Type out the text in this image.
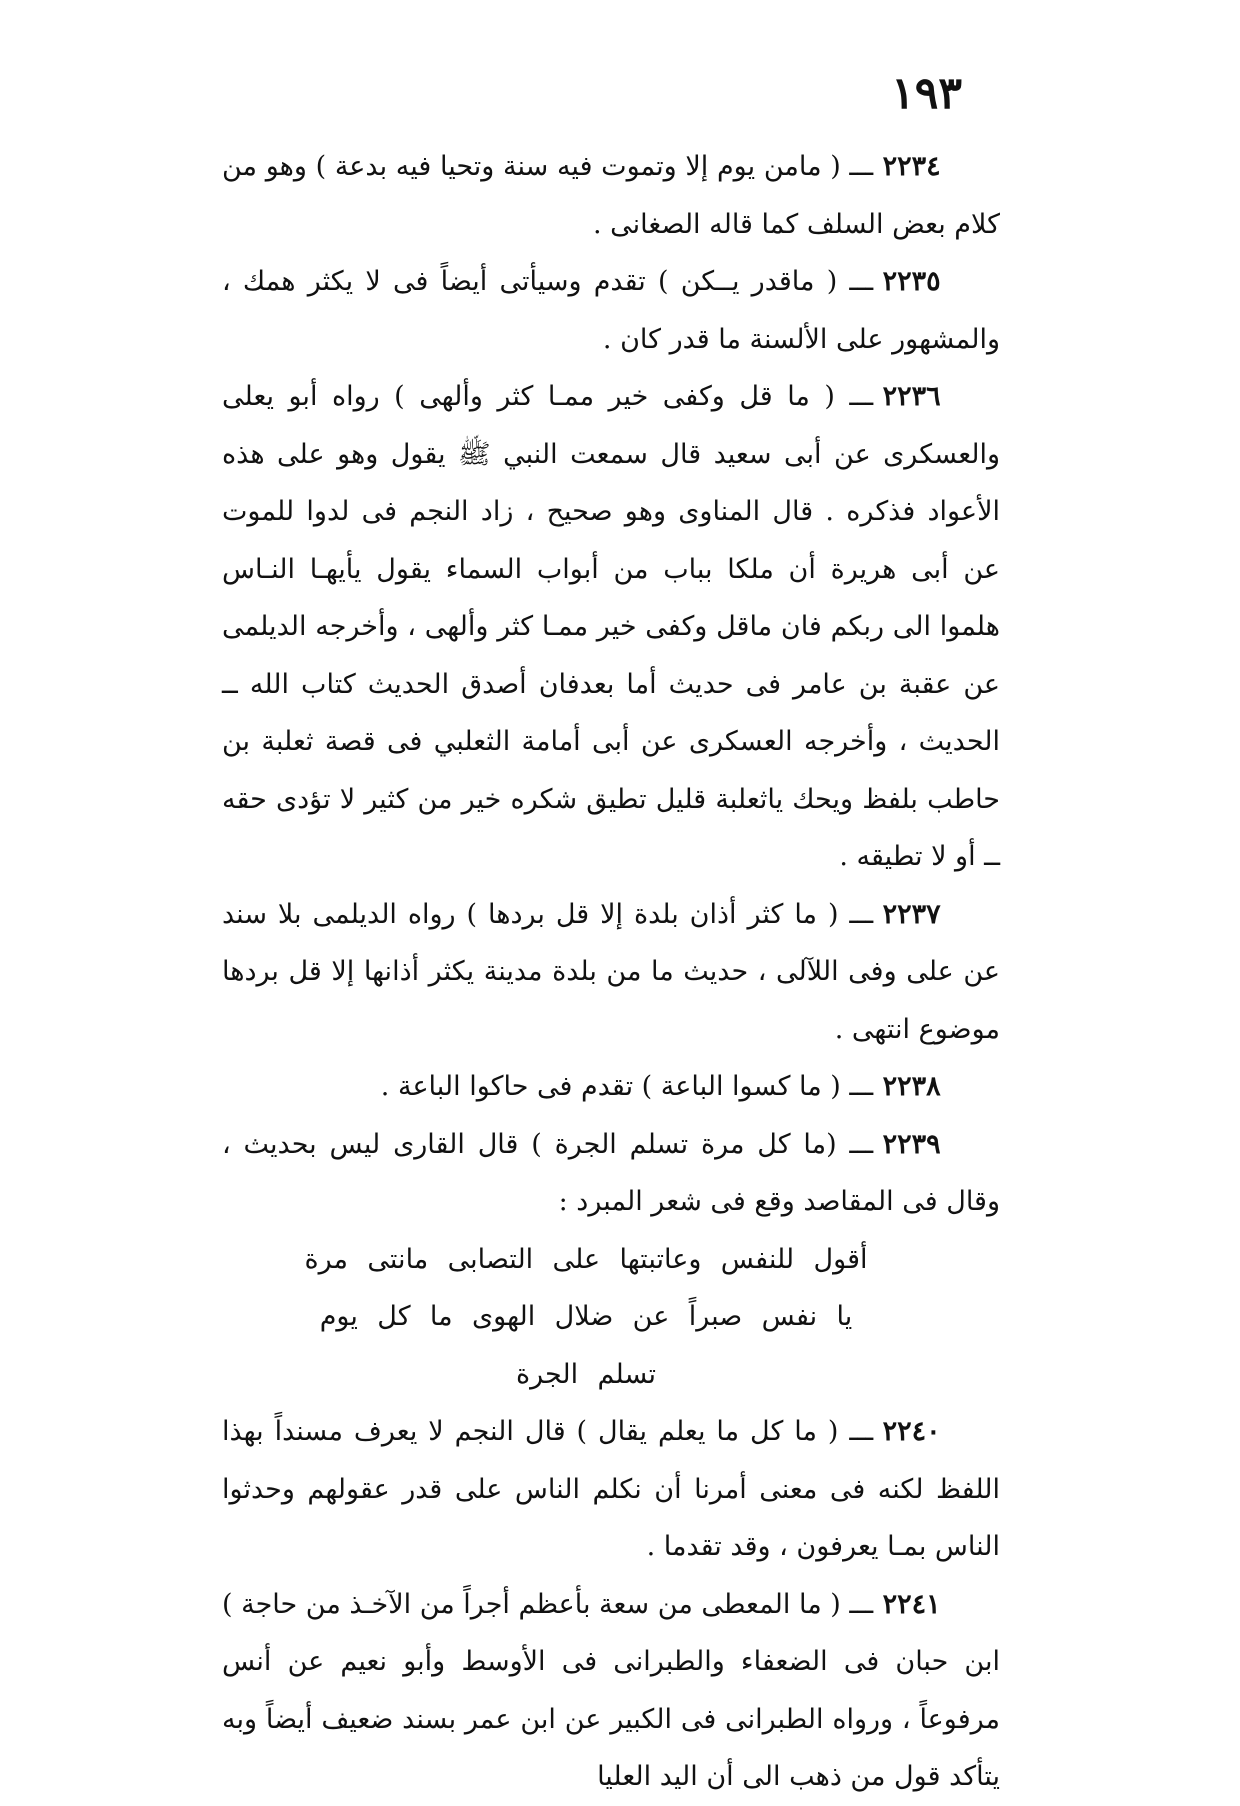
١٩٣

٢٢٣٤ـــ ( مامن يوم إلا وتموت فيه سنة وتحيا فيه بدعة ) وهو من كلام بعض السلف كما قاله الصغانى .

٢٢٣٥ـــ ( ماقدر يــكن ) تقدم وسيأتى أيضاً فى لا يكثر همك ، والمشهور على الألسنة ما قدر كان .

٢٢٣٦ـــ ( ما قل وكفى خير ممـا كثر وألهى ) رواه أبو يعلى والعسكرى عن أبى سعيد قال سمعت النبي ﷺ يقول وهو على هذه الأعواد فذكره . قال المناوى وهو صحيح ، زاد النجم فى لدوا للموت عن أبى هريرة أن ملكا بباب من أبواب السماء يقول يأيهـا النـاس هلموا الى ربكم فان ماقل وكفى خير ممـا كثر وألهى ، وأخرجه الديلمى عن عقبة بن عامر فى حديث أما بعدفان أصدق الحديث كتاب الله ــ الحديث ، وأخرجه العسكرى عن أبى أمامة الثعلبي فى قصة ثعلبة بن حاطب بلفظ ويحك ياثعلبة قليل تطيق شكره خير من كثير لا تؤدى حقه ــ أو لا تطيقه .

٢٢٣٧ـــ ( ما كثر أذان بلدة إلا قل بردها ) رواه الديلمى بلا سند عن على وفى اللآلى ، حديث ما من بلدة مدينة يكثر أذانها إلا قل بردها موضوع انتهى .

٢٢٣٨ـــ ( ما كسوا الباعة ) تقدم فى حاكوا الباعة .

٢٢٣٩ـــ (ما كل مرة تسلم الجرة ) قال القارى ليس بحديث ، وقال فى المقاصد وقع فى شعر المبرد :

أقول للنفس وعاتبتها على التصابى مانتى مرة

يا نفس صبراً عن ضلال الهوى ما كل يوم تسلم الجرة

٢٢٤٠ـــ ( ما كل ما يعلم يقال ) قال النجم لا يعرف مسنداً بهذا اللفظ لكنه فى معنى أمرنا أن نكلم الناس على قدر عقولهم وحدثوا الناس بمـا يعرفون ، وقد تقدما .

٢٢٤١ـــ ( ما المعطى من سعة بأعظم أجراً من الآخـذ من حاجة ) ابن حبان فى الضعفاء والطبرانى فى الأوسط وأبو نعيم عن أنس مرفوعاً ، ورواه الطبرانى فى الكبير عن ابن عمر بسند ضعيف أيضاً وبه يتأكد قول من ذهب الى أن اليد العليا
